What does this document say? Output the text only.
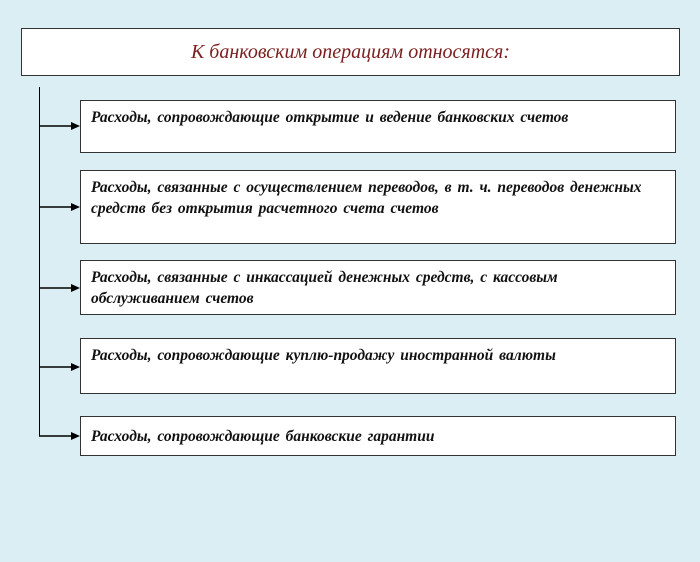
К банковским операциям относятся:
Расходы, сопровождающие открытие и ведение банковских счетов
Расходы, связанные с осуществлением переводов, в т. ч. переводов денежных средств без открытия расчетного счета счетов
Расходы, связанные с инкассацией денежных средств, с кассовым обслуживанием счетов
Расходы, сопровождающие куплю-продажу иностранной валюты
Расходы, сопровождающие банковские гарантии
